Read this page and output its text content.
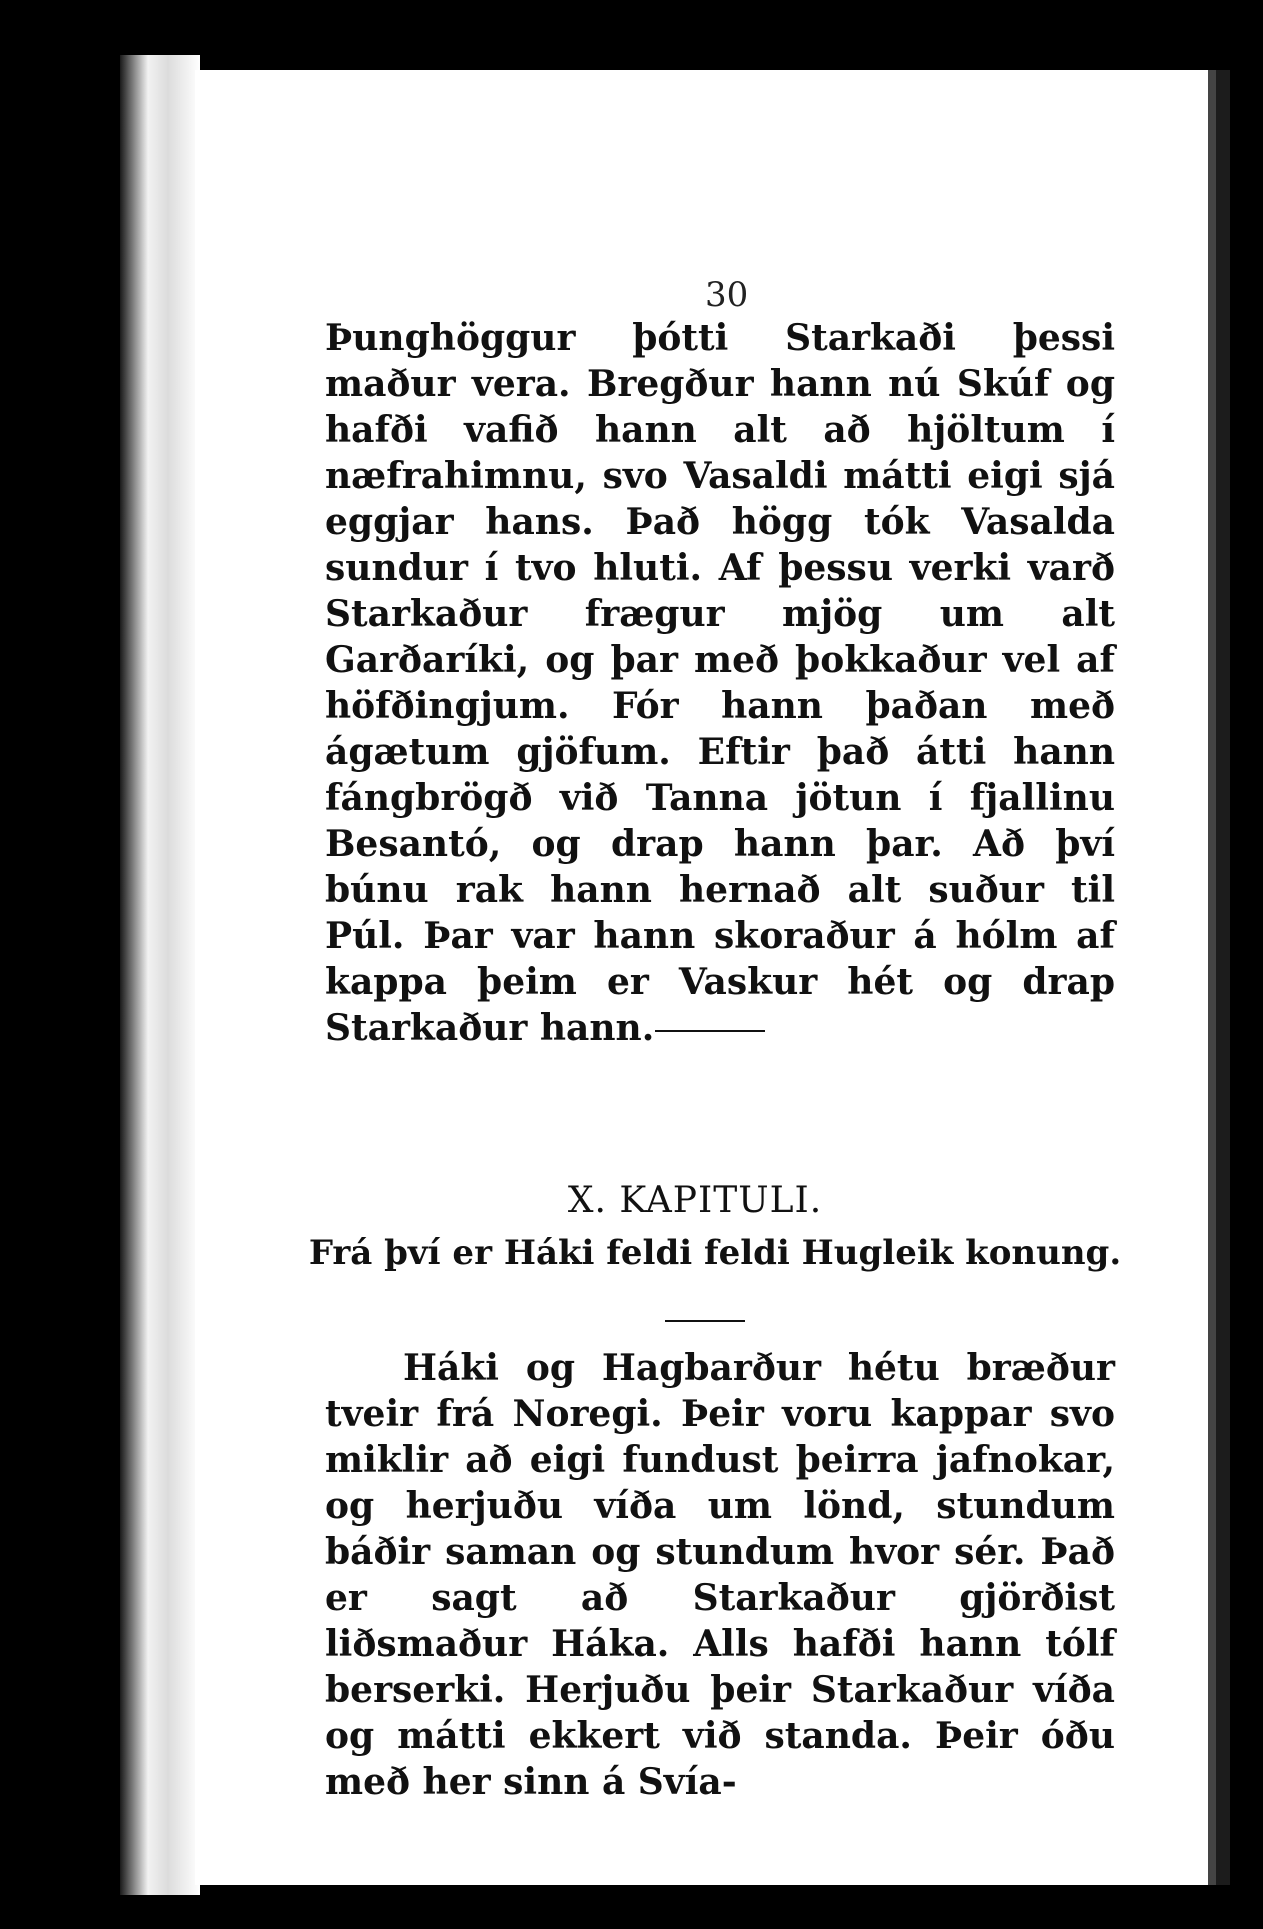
30
Þunghöggur þótti Starkaði þessi maður vera. Bregður hann nú Skúf og hafði vafið hann alt að hjöltum í næfrahimnu, svo Vasaldi mátti eigi sjá eggjar hans. Það högg tók Vasalda sundur í tvo hluti. Af þessu verki varð Starkaður frægur mjög um alt Garðaríki, og þar með þokkaður vel af höfðingjum. Fór hann þaðan með ágætum gjöfum. Eftir það átti hann fángbrögð við Tanna jötun í fjallinu Besantó, og drap hann þar. Að því búnu rak hann hernað alt suður til Púl. Þar var hann skoraður á hólm af kappa þeim er Vaskur hét og drap Starkaður hann.
X. KAPITULI.
Frá því er Háki feldi feldi Hugleik konung.
Háki og Hagbarður hétu bræður tveir frá Noregi. Þeir voru kappar svo miklir að eigi fundust þeirra jafnokar, og herjuðu víða um lönd, stundum báðir saman og stundum hvor sér. Það er sagt að Starkaður gjörðist liðsmaður Háka. Alls hafði hann tólf berserki. Herjuðu þeir Starkaður víða og mátti ekkert við standa. Þeir óðu með her sinn á Svía-
